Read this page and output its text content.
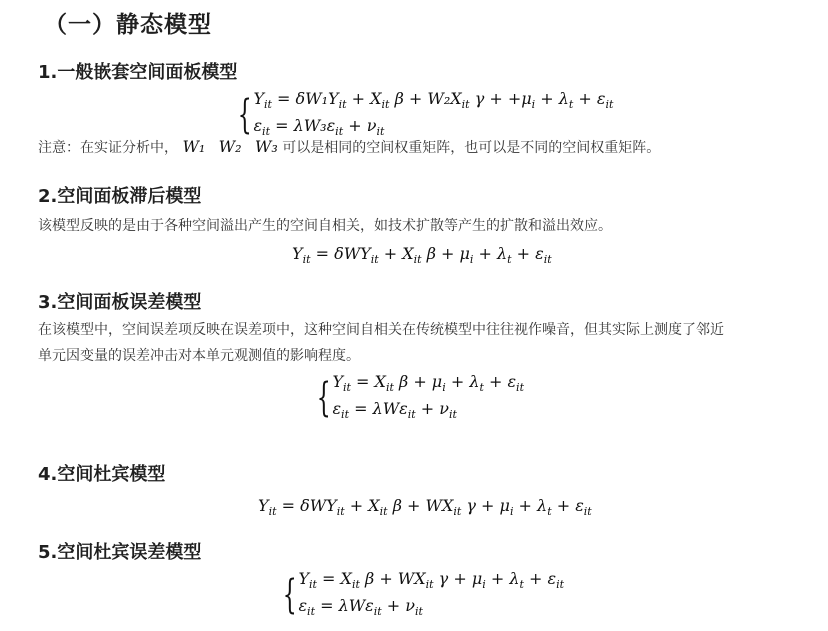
（一）静态模型
1.一般嵌套空间面板模型
{ $Y_{it} = \delta W_1Y_{it} + X_{it}$ $\beta + W_2X_{it}$ $\gamma + +\mu_i + \lambda_t + \varepsilon_{it}$
$\varepsilon_{it} = \lambda W_3\varepsilon_{it} + \nu_{it}$
注意：在实证分析中， W₁ W₂ W₃ 可以是相同的空间权重矩阵，也可以是不同的空间权重矩阵。
2.空间面板滞后模型
该模型反映的是由于各种空间溢出产生的空间自相关，如技术扩散等产生的扩散和溢出效应。
$Y_{it} = \delta WY_{it} + X_{it}$ $\beta + \mu_i + \lambda_t + \varepsilon_{it}$
3.空间面板误差模型
在该模型中，空间误差项反映在误差项中，这种空间自相关在传统模型中往往视作噪音，但其实际上测度了邻近
单元因变量的误差冲击对本单元观测值的影响程度。
{ $Y_{it} = X_{it}$ $\beta + \mu_i + \lambda_t + \varepsilon_{it}$
$\varepsilon_{it} = \lambda W\varepsilon_{it} + \nu_{it}$
4.空间杜宾模型
$Y_{it} = \delta WY_{it} + X_{it}$ $\beta + WX_{it}$ $\gamma + \mu_i + \lambda_t + \varepsilon_{it}$
5.空间杜宾误差模型
{ $Y_{it} = X_{it}$ $\beta + WX_{it}$ $\gamma + \mu_i + \lambda_t + \varepsilon_{it}$
$\varepsilon_{it} = \lambda W\varepsilon_{it} + \nu_{it}$
